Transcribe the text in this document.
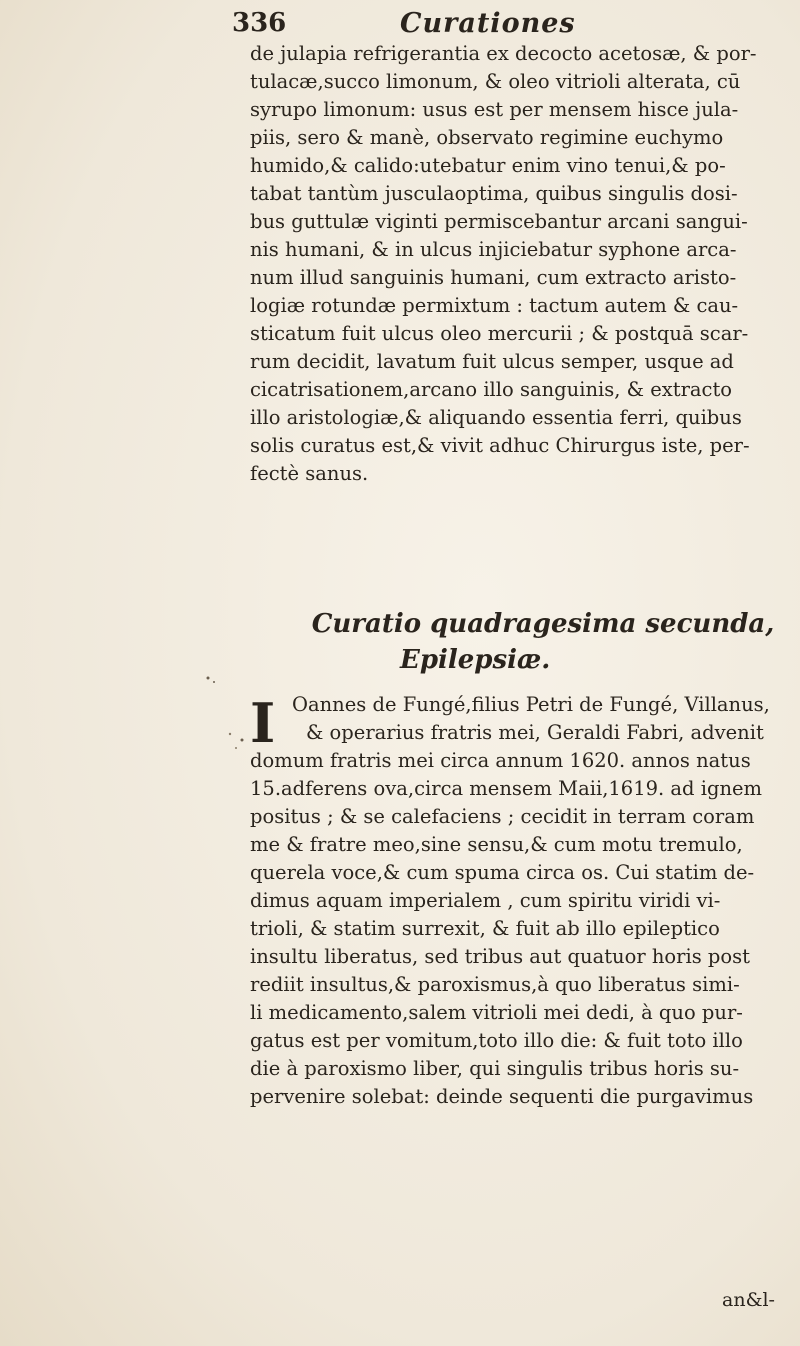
336	Curationes
de julapia refrigerantia ex decocto acetosæ, & por-
tulacæ,succo limonum, & oleo vitrioli alterata, cū
syrupo limonum: usus est per mensem hisce jula-
piis, sero & manè, observato regimine euchymo
humido,& calido:utebatur enim vino tenui,& po-
tabat tantùm jusculaoptima, quibus singulis dosi-
bus guttulæ viginti permiscebantur arcani sangui-
nis humani, & in ulcus injiciebatur syphone arca-
num illud sanguinis humani, cum extracto aristo-
logiæ rotundæ permixtum : tactum autem & cau-
sticatum fuit ulcus oleo mercurii ; & postquā scar-
rum decidit, lavatum fuit ulcus semper, usque ad
cicatrisationem,arcano illo sanguinis, & extracto
illo aristologiæ,& aliquando essentia ferri, quibus
solis curatus est,& vivit adhuc Chirurgus iste, per-
fectè sanus.
Curatio quadragesima secunda,
Epilepsiæ.
I Oannes de Fungé,filius Petri de Fungé, Villanus,
& operarius fratris mei, Geraldi Fabri, advenit
domum fratris mei circa annum 1620. annos natus
15.adferens ova,circa mensem Maii,1619. ad ignem
positus ; & se calefaciens ; cecidit in terram coram
me & fratre meo,sine sensu,& cum motu tremulo,
querela voce,& cum spuma circa os. Cui statim de-
dimus aquam imperialem , cum spiritu viridi vi-
trioli, & statim surrexit, & fuit ab illo epileptico
insultu liberatus, sed tribus aut quatuor horis post
rediit insultus,& paroxismus,à quo liberatus simi-
li medicamento,salem vitrioli mei dedi, à quo pur-
gatus est per vomitum,toto illo die: & fuit toto illo
die à paroxismo liber, qui singulis tribus horis su-
pervenire solebat: deinde sequenti die purgavimus
an&l-
